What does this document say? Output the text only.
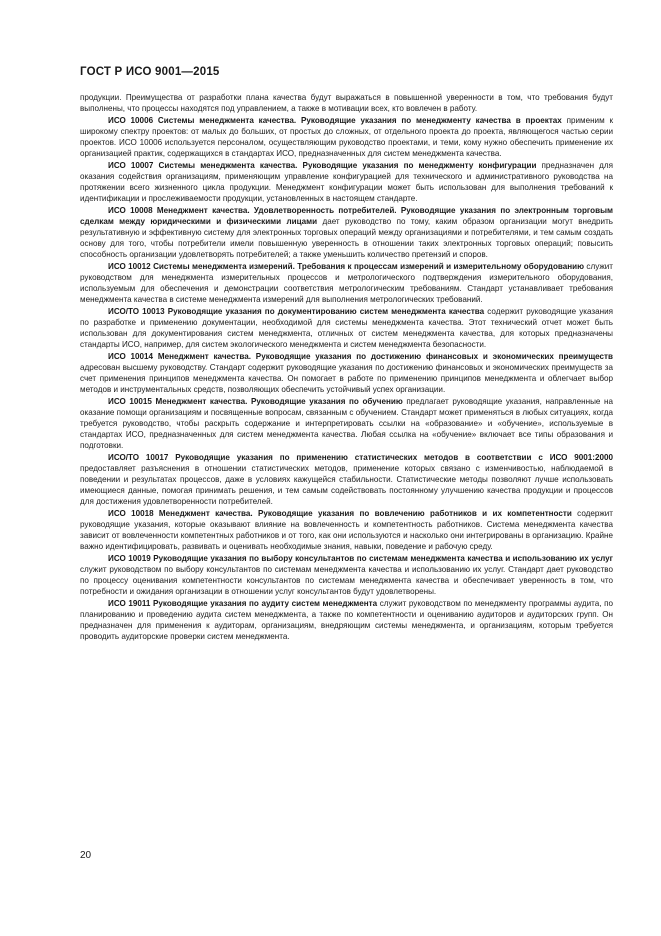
ГОСТ Р ИСО 9001—2015

продукции. Преимущества от разработки плана качества будут выражаться в повышенной уверенности в том, что требования будут выполнены, что процессы находятся под управлением, а также в мотивации всех, кто вовлечен в работу.

ИСО 10006 Системы менеджмента качества. Руководящие указания по менеджменту качества в проектах применим к широкому спектру проектов: от малых до больших, от простых до сложных, от отдельного проекта до проекта, являющегося частью серии проектов. ИСО 10006 используется персоналом, осуществляющим руководство проектами, и теми, кому нужно обеспечить применение их организацией практик, содержащихся в стандартах ИСО, предназначенных для систем менеджмента качества.

ИСО 10007 Системы менеджмента качества. Руководящие указания по менеджменту конфигурации предназначен для оказания содействия организациям, применяющим управление конфигурацией для технического и административного руководства на протяжении всего жизненного цикла продукции. Менеджмент конфигурации может быть использован для выполнения требований к идентификации и прослеживаемости продукции, установленных в настоящем стандарте.

ИСО 10008 Менеджмент качества. Удовлетворенность потребителей. Руководящие указания по электронным торговым сделкам между юридическими и физическими лицами дает руководство по тому, каким образом организации могут внедрить результативную и эффективную систему для электронных торговых операций между организациями и потребителями, и тем самым создать основу для того, чтобы потребители имели повышенную уверенность в отношении таких электронных торговых операций; повысить способность организации удовлетворять потребителей; а также уменьшить количество претензий и споров.

ИСО 10012 Системы менеджмента измерений. Требования к процессам измерений и измерительному оборудованию служит руководством для менеджмента измерительных процессов и метрологического подтверждения измерительного оборудования, используемым для обеспечения и демонстрации соответствия метрологическим требованиям. Стандарт устанавливает требования менеджмента качества в системе менеджмента измерений для выполнения метрологических требований.

ИСО/ТО 10013 Руководящие указания по документированию систем менеджмента качества содержит руководящие указания по разработке и применению документации, необходимой для системы менеджмента качества. Этот технический отчет может быть использован для документирования систем менеджмента, отличных от систем менеджмента качества, для которых предназначены стандарты ИСО, например, для систем экологического менеджмента и систем менеджмента безопасности.

ИСО 10014 Менеджмент качества. Руководящие указания по достижению финансовых и экономических преимуществ адресован высшему руководству. Стандарт содержит руководящие указания по достижению финансовых и экономических преимуществ за счет применения принципов менеджмента качества. Он помогает в работе по применению принципов менеджмента и облегчает выбор методов и инструментальных средств, позволяющих обеспечить устойчивый успех организации.

ИСО 10015 Менеджмент качества. Руководящие указания по обучению предлагает руководящие указания, направленные на оказание помощи организациям и посвященные вопросам, связанным с обучением. Стандарт может применяться в любых ситуациях, когда требуется руководство, чтобы раскрыть содержание и интерпретировать ссылки на «образование» и «обучение», используемые в стандартах ИСО, предназначенных для систем менеджмента качества. Любая ссылка на «обучение» включает все типы образования и подготовки.

ИСО/ТО 10017 Руководящие указания по применению статистических методов в соответствии с ИСО 9001:2000 предоставляет разъяснения в отношении статистических методов, применение которых связано с изменчивостью, наблюдаемой в поведении и результатах процессов, даже в условиях кажущейся стабильности. Статистические методы позволяют лучше использовать имеющиеся данные, помогая принимать решения, и тем самым содействовать постоянному улучшению качества продукции и процессов для достижения удовлетворенности потребителей.

ИСО 10018 Менеджмент качества. Руководящие указания по вовлечению работников и их компетентности содержит руководящие указания, которые оказывают влияние на вовлеченность и компетентность работников. Система менеджмента качества зависит от вовлеченности компетентных работников и от того, как они используются и насколько они интегрированы в организацию. Крайне важно идентифицировать, развивать и оценивать необходимые знания, навыки, поведение и рабочую среду.

ИСО 10019 Руководящие указания по выбору консультантов по системам менеджмента качества и использованию их услуг служит руководством по выбору консультантов по системам менеджмента качества и использованию их услуг. Стандарт дает руководство по процессу оценивания компетентности консультантов по системам менеджмента качества и обеспечивает уверенность в том, что потребности и ожидания организации в отношении услуг консультантов будут удовлетворены.

ИСО 19011 Руководящие указания по аудиту систем менеджмента служит руководством по менеджменту программы аудита, по планированию и проведению аудита систем менеджмента, а также по компетентности и оцениванию аудиторов и аудиторских групп. Он предназначен для применения к аудиторам, организациям, внедряющим системы менеджмента, и организациям, которым требуется проводить аудиторские проверки систем менеджмента.

20
